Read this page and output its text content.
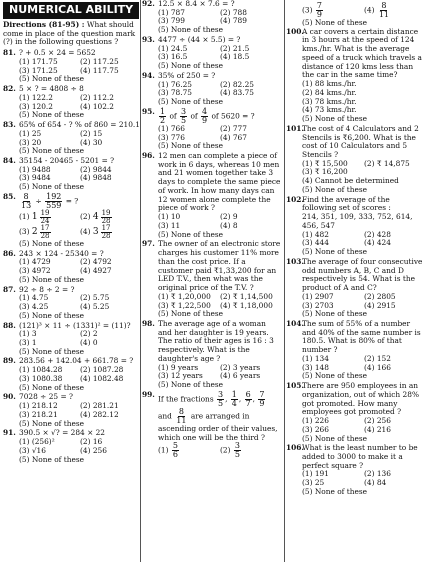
NUMERICAL ABILITY
Directions (81-95) : What should come in place of the question mark (?) in the following questions ?
81. ? + 0.5 × 24 = 5652
(1) 171.75	(2) 117.25
(3) 171.25	(4) 117.75
(5) None of these
82. 5 × ? = 4808 ÷ 8
(1) 122.2	(2) 112.2
(3) 120.2	(4) 102.2
(5) None of these
83. 65% of 654 - ? % of 860 = 210.1
(1) 25	(2) 15
(3) 20	(4) 30
(5) None of these
84. 35154 - 20465 - 5201 = ?
(1) 9488	(2) 9844
(3) 9484	(4) 9848
(5) None of these
85. $\frac{8}{13} \div \frac{192}{559}$ = ?
(1) $1 \frac{19}{24}$	(2) $4 \frac{19}{28}$
(3) $2 \frac{17}{28}$	(4) $3 \frac{17}{28}$
(5) None of these
86. 243 × 124 - 25340 = ?
(1) 4729	(2) 4792
(3) 4972	(4) 4927
(5) None of these
87. 92 ÷ 8 ÷ 2 = ?
(1) 4.75	(2) 5.75
(3) 4.25	(4) 5.25
(5) None of these
88. (121)³ × 11 ÷ (1331)² = (11)?
(1) 3	(2) 2
(3) 1	(4) 0
(5) None of these
89. 283.56 + 142.04 + 661.78 = ?
(1) 1084.28	(2) 1087.28
(3) 1080.38	(4) 1082.48
(5) None of these
90. 7028 ÷ 25 = ?
(1) 218.12	(2) 281.21
(3) 218.21	(4) 282.12
(5) None of these
91. 390.5 × √? = 284 × 22
(1) (256)²	(2) 16
(3) √16	(4) 256
(5) None of these
92. 12.5 × 8.4 × 7.6 = ?
(1) 787	(2) 788
(3) 799	(4) 789
(5) None of these
93. 4477 ÷ (44 × 5.5) = ?
(1) 24.5	(2) 21.5
(3) 16.5	(4) 18.5
(5) None of these
94. 35% of 250 = ?
(1) 76.25	(2) 82.25
(3) 78.75	(4) 83.75
(5) None of these
95. $\frac{1}{2}$ of $\frac{3}{5}$ of $\frac{4}{9}$ of 5620 = ?
(1) 766	(2) 777
(3) 776	(4) 767
(5) None of these
96. 12 men can complete a piece of work in 6 days, whereas 10 men and 21 women together take 3 days to complete the same piece of work. In how many days can 12 women alone complete the piece of work ?
(1) 10	(2) 9
(3) 11	(4) 8
(5) None of these
97. The owner of an electronic store charges his customer 11% more than the cost price. If a customer paid ₹1,33,200 for an LED T.V., then what was the original price of the T.V. ?
(1) ₹ 1,20,000	(2) ₹ 1,14,500
(3) ₹ 1,22,500	(4) ₹ 1,18,000
(5) None of these
98. The average age of a woman and her daughter is 19 years. The ratio of their ages is 16 : 3 respectively. What is the daughter's age ?
(1) 9 years	(2) 3 years
(3) 12 years	(4) 6 years
(5) None of these
99. If the fractions $\frac{3}{5}$ , $\frac{1}{4}$ , $\frac{6}{7}$ , $\frac{7}{9}$
and $\frac{8}{11}$ are arranged in ascending order of their values, which one will be the third ?
$(1) \frac{5}{6}$	$(2) \frac{3}{5}$
$(3) \frac{7}{9}$	$(4) \frac{8}{11}$
(5) None of these
100.
A car covers a certain distance in 3 hours at the speed of 124 kms./hr. What is the average speed of a truck which travels a distance of 120 kms less than the car in the same time?
(1) 88 kms./hr.
(2) 84 kms./hr.
(3) 78 kms./hr.
(4) 73 kms./hr.
(5) None of these
101.
The cost of 4 Calculators and 2 Stencils is ₹6,200. What is the cost of 10 Calculators and 5 Stencils ?
(1) ₹ 15,500	(2) ₹ 14,875
(3) ₹ 16,200
(4) Cannot be determined
(5) None of these
102.
Find the average of the following set of scores :
214, 351, 109, 333, 752, 614, 456, 547
(1) 482	(2) 428
(3) 444	(4) 424
(5) None of these
103.
The average of four consecutive odd numbers A, B, C and D respectively is 54. What is the product of A and C?
(1) 2907	(2) 2805
(3) 2703	(4) 2915
(5) None of these
104.
The sum of 55% of a number and 40% of the same number is 180.5. What is 80% of that number ?
(1) 134	(2) 152
(3) 148	(4) 166
(5) None of these
105.
There are 950 employees in an organization, out of which 28% got promoted. How many employees got promoted ?
(1) 226	(2) 256
(3) 266	(4) 216
(5) None of these
106.
What is the least number to be added to 3000 to make it a perfect square ?
(1) 191	(2) 136
(3) 25	(4) 84
(5) None of these
